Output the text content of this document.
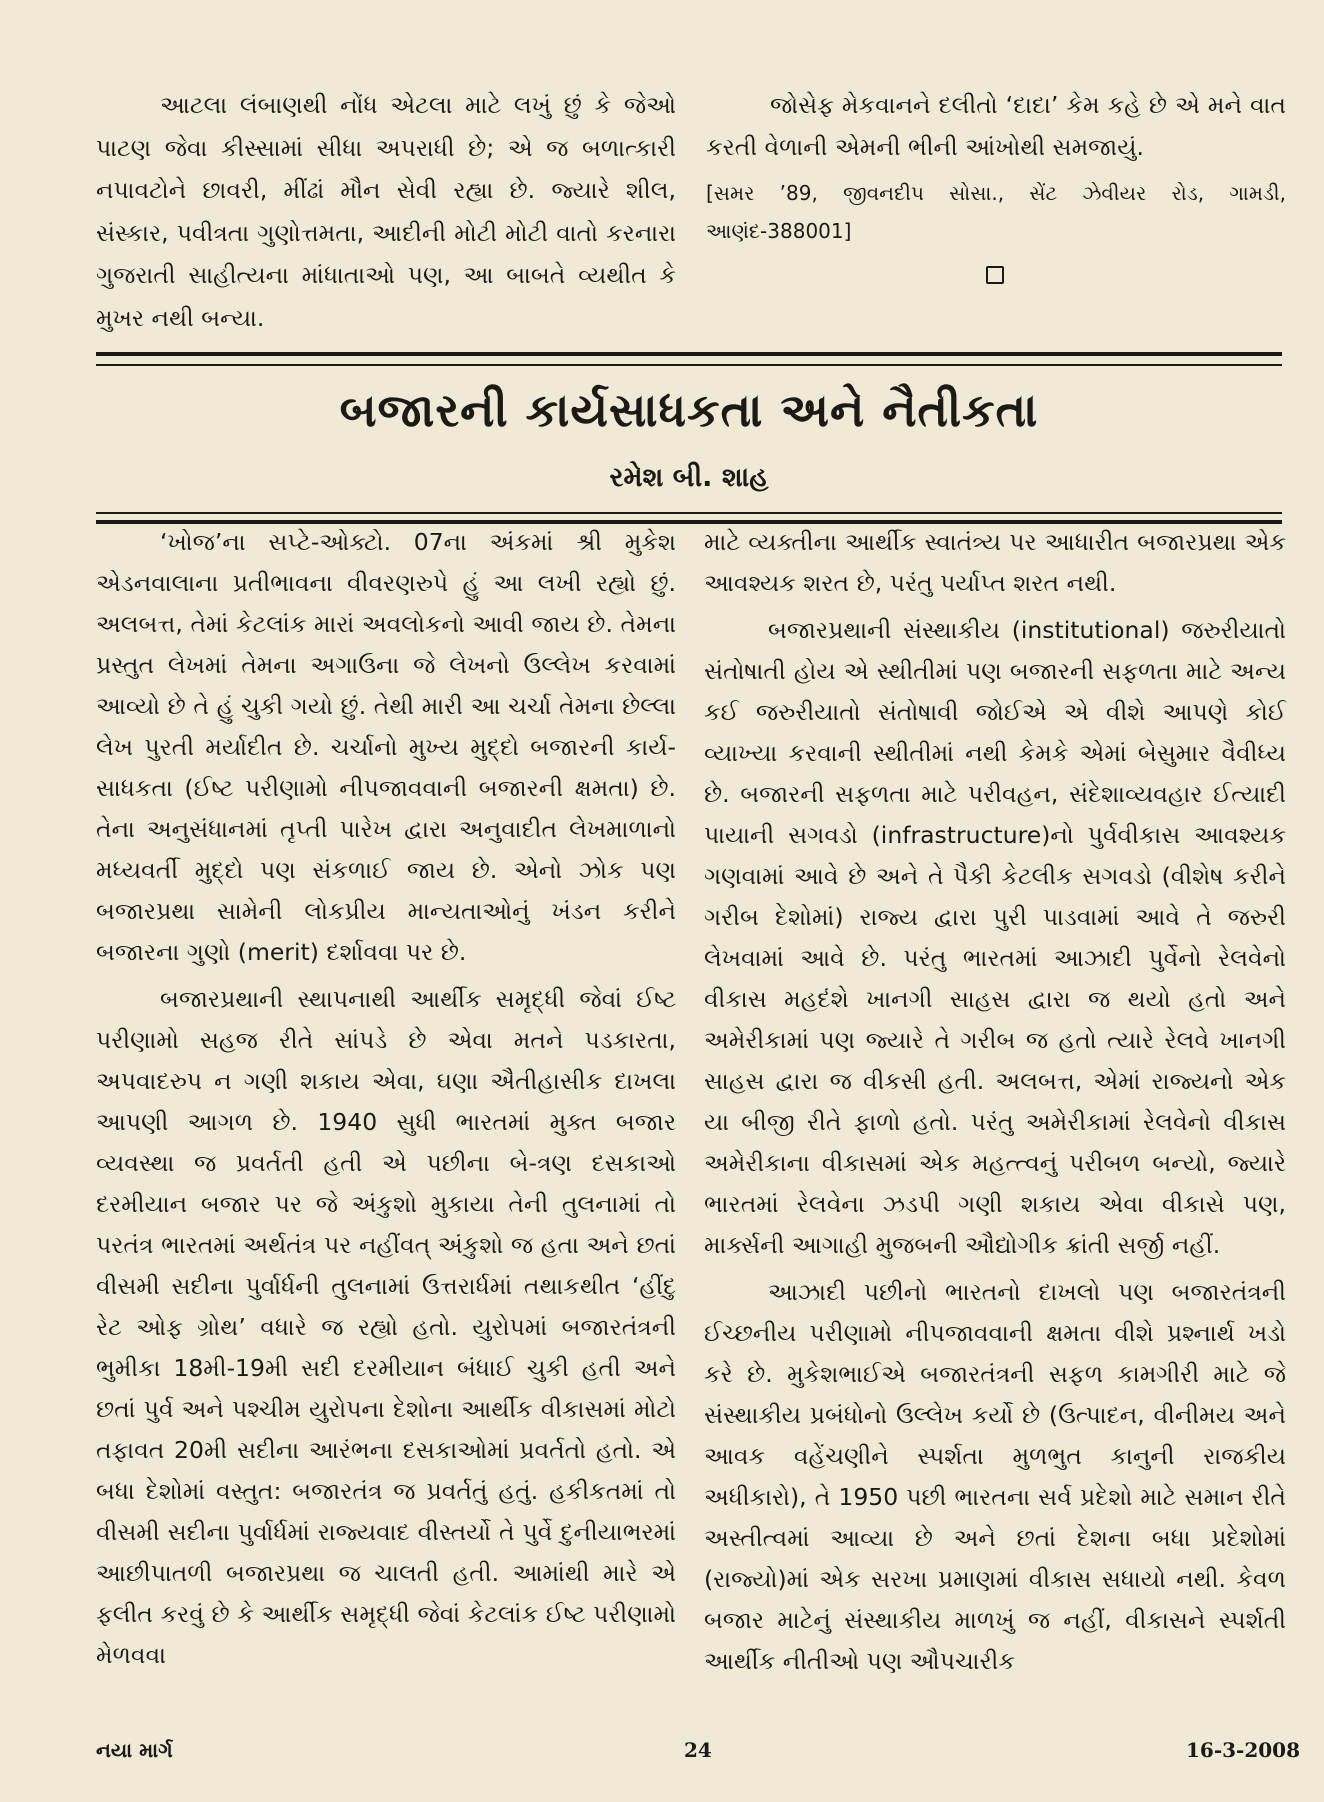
આટલા લંબાણથી નોંધ એટલા માટે લખું છું કે જેઓ પાટણ જેવા કીસ્સામાં સીધા અપરાધી છે; એ જ બળાત્કારી નપાવટોને છાવરી, મીંઢાં મૌન સેવી રહ્યા છે. જ્યારે શીલ, સંસ્કાર, પવીત્રતા ગુણોત્તમતા, આદીની મોટી મોટી વાતો કરનારા ગુજરાતી સાહીત્યના માંધાતાઓ પણ, આ બાબતે વ્યથીત કે મુખર નથી બન્યા.

જોસેફ મેકવાનને દલીતો ‘દાદા’ કેમ કહે છે એ મને વાત કરતી વેળાની એમની ભીની આંખોથી સમજાયું.

[સમર ’89, જીવનદીપ સોસા., સેંટ ઝેવીયર રોડ, ગામડી, આણંદ-388001]

બજારની કાર્યસાધકતા અને નૈતીકતા
રમેશ બી. શાહ

‘ખોજ’ના સપ્ટે-ઓક્ટો. 07ના અંકમાં શ્રી મુકેશ એડનવાલાના પ્રતીભાવના વીવરણરુપે હું આ લખી રહ્યો છું. અલબત્ત, તેમાં કેટલાંક મારાં અવલોકનો આવી જાય છે. તેમના પ્રસ્તુત લેખમાં તેમના અગાઉના જે લેખનો ઉલ્લેખ કરવામાં આવ્યો છે તે હું ચુકી ગયો છું. તેથી મારી આ ચર્ચા તેમના છેલ્લા લેખ પુરતી મર્યાદીત છે. ચર્ચાનો મુખ્ય મુદ્દો બજારની કાર્ય-સાધકતા (ઈષ્ટ પરીણામો નીપજાવવાની બજારની ક્ષમતા) છે. તેના અનુસંધાનમાં તૃપ્તી પારેખ દ્વારા અનુવાદીત લેખમાળાનો મધ્યવર્તી મુદ્દો પણ સંકળાઈ જાય છે. એનો ઝોક પણ બજારપ્રથા સામેની લોકપ્રીય માન્યતાઓનું ખંડન કરીને બજારના ગુણો (merit) દર્શાવવા પર છે.

બજારપ્રથાની સ્થાપનાથી આર્થીક સમૃદ્ધી જેવાં ઈષ્ટ પરીણામો સહજ રીતે સાંપડે છે એવા મતને પડકારતા, અપવાદરુપ ન ગણી શકાય એવા, ઘણા ઐતીહાસીક દાખલા આપણી આગળ છે. 1940 સુધી ભારતમાં મુક્ત બજાર વ્યવસ્થા જ પ્રવર્તતી હતી એ પછીના બે-ત્રણ દસકાઓ દરમીયાન બજાર પર જે અંકુશો મુકાયા તેની તુલનામાં તો પરતંત્ર ભારતમાં અર્થતંત્ર પર નહીંવત્ અંકુશો જ હતા અને છતાં વીસમી સદીના પુર્વાર્ધની તુલનામાં ઉત્તરાર્ધમાં તથાકથીત ‘હીંદુ રેટ ઓફ ગ્રોથ’ વધારે જ રહ્યો હતો. યુરોપમાં બજારતંત્રની ભુમીકા 18મી-19મી સદી દરમીયાન બંધાઈ ચુકી હતી અને છતાં પુર્વ અને પશ્ચીમ યુરોપના દેશોના આર્થીક વીકાસમાં મોટો તફાવત 20મી સદીના આરંભના દસકાઓમાં પ્રવર્તતો હતો. એ બધા દેશોમાં વસ્તુત: બજારતંત્ર જ પ્રવર્તતું હતું. હકીકતમાં તો વીસમી સદીના પુર્વાર્ધમાં રાજ્યવાદ વીસ્તર્યો તે પુર્વે દુનીયાભરમાં આછીપાતળી બજારપ્રથા જ ચાલતી હતી. આમાંથી મારે એ ફલીત કરવું છે કે આર્થીક સમૃદ્ધી જેવાં કેટલાંક ઈષ્ટ પરીણામો મેળવવા

માટે વ્યક્તીના આર્થીક સ્વાતંત્ર્ય પર આધારીત બજારપ્રથા એક આવશ્યક શરત છે, પરંતુ પર્યાપ્ત શરત નથી.

બજારપ્રથાની સંસ્થાકીય (institutional) જરુરીયાતો સંતોષાતી હોય એ સ્થીતીમાં પણ બજારની સફળતા માટે અન્ય કઈ જરુરીયાતો સંતોષાવી જોઈએ એ વીશે આપણે કોઈ વ્યાખ્યા કરવાની સ્થીતીમાં નથી કેમકે એમાં બેસુમાર વૈવીધ્ય છે. બજારની સફળતા માટે પરીવહન, સંદેશાવ્યવહાર ઈત્યાદી પાયાની સગવડો (infrastructure)નો પુર્વવીકાસ આવશ્યક ગણવામાં આવે છે અને તે પૈકી કેટલીક સગવડો (વીશેષ કરીને ગરીબ દેશોમાં) રાજ્ય દ્વારા પુરી પાડવામાં આવે તે જરુરી લેખવામાં આવે છે. પરંતુ ભારતમાં આઝાદી પુર્વેનો રેલવેનો વીકાસ મહદંશે ખાનગી સાહસ દ્વારા જ થયો હતો અને અમેરીકામાં પણ જ્યારે તે ગરીબ જ હતો ત્યારે રેલવે ખાનગી સાહસ દ્વારા જ વીકસી હતી. અલબત્ત, એમાં રાજ્યનો એક યા બીજી રીતે ફાળો હતો. પરંતુ અમેરીકામાં રેલવેનો વીકાસ અમેરીકાના વીકાસમાં એક મહત્ત્વનું પરીબળ બન્યો, જ્યારે ભારતમાં રેલવેના ઝડપી ગણી શકાય એવા વીકાસે પણ, માર્ક્સની આગાહી મુજબની ઔદ્યોગીક ક્રાંતી સર્જી નહીં.

આઝાદી પછીનો ભારતનો દાખલો પણ બજારતંત્રની ઈચ્છનીય પરીણામો નીપજાવવાની ક્ષમતા વીશે પ્રશ્નાર્થ ખડો કરે છે. મુકેશભાઈએ બજારતંત્રની સફળ કામગીરી માટે જે સંસ્થાકીય પ્રબંધોનો ઉલ્લેખ કર્યો છે (ઉત્પાદન, વીનીમય અને આવક વહેંચણીને સ્પર્શતા મુળભુત કાનુની રાજકીય અધીકારો), તે 1950 પછી ભારતના સર્વ પ્રદેશો માટે સમાન રીતે અસ્તીત્વમાં આવ્યા છે અને છતાં દેશના બધા પ્રદેશોમાં (રાજ્યો)માં એક સરખા પ્રમાણમાં વીકાસ સધાયો નથી. કેવળ બજાર માટેનું સંસ્થાકીય માળખું જ નહીં, વીકાસને સ્પર્શતી આર્થીક નીતીઓ પણ ઔપચારીક

નયા માર્ગ	24	16-3-2008
